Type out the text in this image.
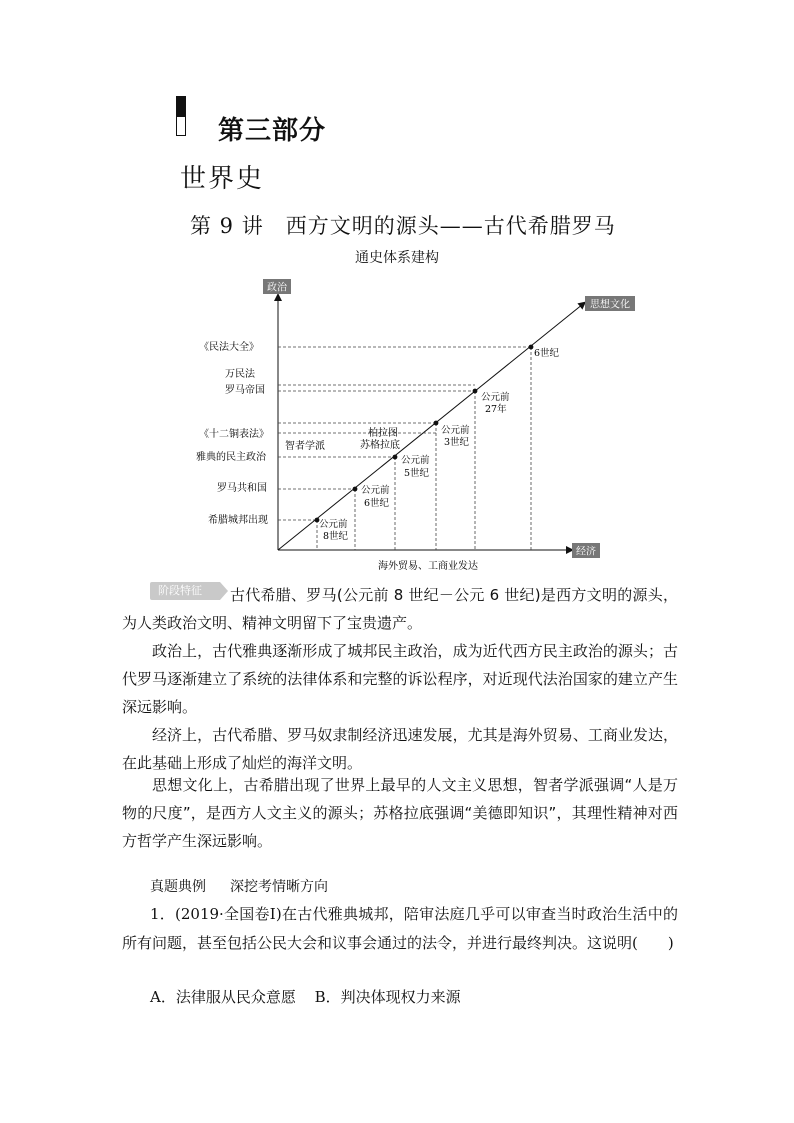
第三部分
世界史
第 9 讲　西方文明的源头——古代希腊罗马
通史体系建构
政治
经济
思想文化
《民法大全》
万民法
罗马帝国
《十二铜表法》
雅典的民主政治
罗马共和国
希腊城邦出现
智者学派
柏拉图
苏格拉底
公元前
8世纪
公元前
6世纪
公元前
5世纪
公元前
3世纪
公元前
27年
6世纪
海外贸易、工商业发达
阶段特征	古代希腊、罗马(公元前 8 世纪－公元 6 世纪)是西方文明的源头，为人类政治文明、精神文明留下了宝贵遗产。
政治上，古代雅典逐渐形成了城邦民主政治，成为近代西方民主政治的源头；古代罗马逐渐建立了系统的法律体系和完整的诉讼程序，对近现代法治国家的建立产生深远影响。
经济上，古代希腊、罗马奴隶制经济迅速发展，尤其是海外贸易、工商业发达，在此基础上形成了灿烂的海洋文明。
思想文化上，古希腊出现了世界上最早的人文主义思想，智者学派强调“人是万物的尺度”，是西方人文主义的源头；苏格拉底强调“美德即知识”，其理性精神对西方哲学产生深远影响。
真题典例 深挖考情晰方向
1．(2019·全国卷Ⅰ)在古代雅典城邦，陪审法庭几乎可以审查当时政治生活中的所有问题，甚至包括公民大会和议事会通过的法令，并进行最终判决。这说明(　　)
A．法律服从民众意愿 B．判决体现权力来源
